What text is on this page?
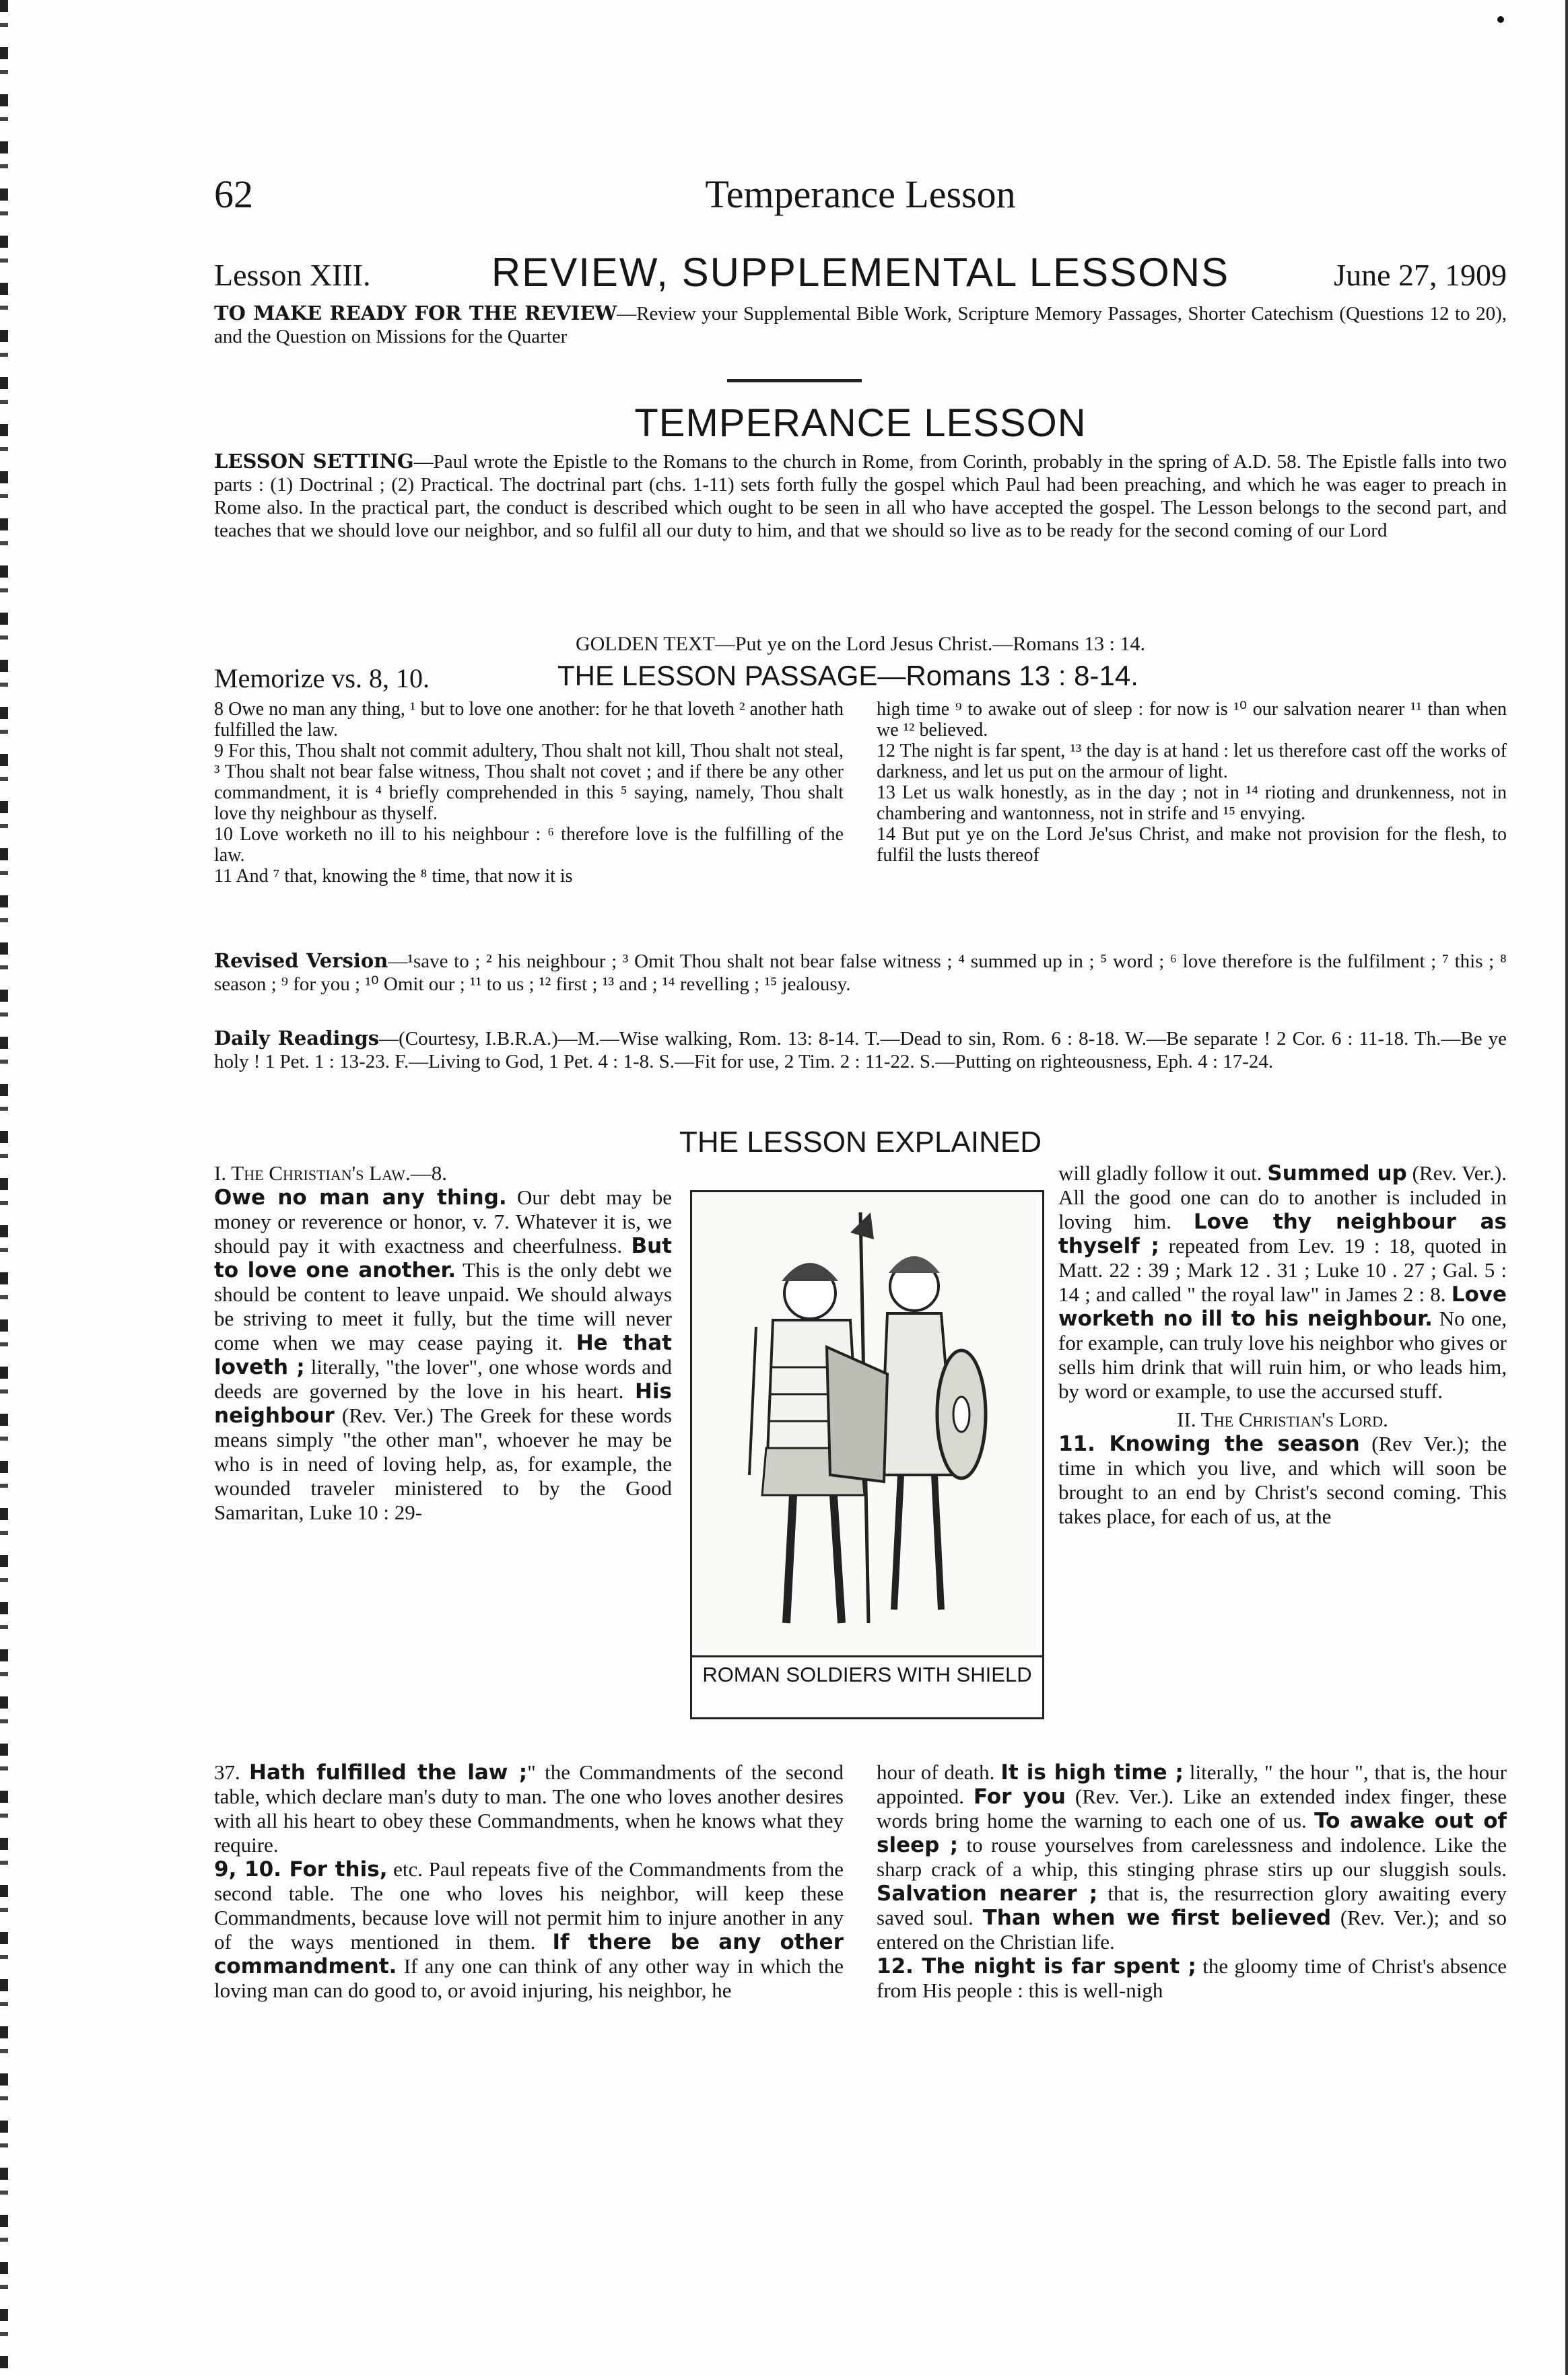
62	Temperance Lesson
Lesson XIII.	REVIEW, SUPPLEMENTAL LESSONS	June 27, 1909
TO MAKE READY FOR THE REVIEW—Review your Supplemental Bible Work, Scripture Memory Passages, Shorter Catechism (Questions 12 to 20), and the Question on Missions for the Quarter
TEMPERANCE LESSON
LESSON SETTING—Paul wrote the Epistle to the Romans to the church in Rome, from Corinth, probably in the spring of A.D. 58. The Epistle falls into two parts : (1) Doctrinal ; (2) Practical. The doctrinal part (chs. 1-11) sets forth fully the gospel which Paul had been preaching, and which he was eager to preach in Rome also. In the practical part, the conduct is described which ought to be seen in all who have accepted the gospel. The Lesson belongs to the second part, and teaches that we should love our neighbor, and so fulfil all our duty to him, and that we should so live as to be ready for the second coming of our Lord
GOLDEN TEXT—Put ye on the Lord Jesus Christ.—Romans 13 : 14.
Memorize vs. 8, 10.	THE LESSON PASSAGE—Romans 13 : 8-14.

8 Owe no man any thing, ¹ but to love one another: for he that loveth ² another hath fulfilled the law.

9 For this, Thou shalt not commit adultery, Thou shalt not kill, Thou shalt not steal, ³ Thou shalt not bear false witness, Thou shalt not covet ; and if there be any other commandment, it is ⁴ briefly comprehended in this ⁵ saying, namely, Thou shalt love thy neighbour as thyself.

10 Love worketh no ill to his neighbour : ⁶ therefore love is the fulfilling of the law.

11 And ⁷ that, knowing the ⁸ time, that now it is

high time ⁹ to awake out of sleep : for now is ¹⁰ our salvation nearer ¹¹ than when we ¹² believed.

12 The night is far spent, ¹³ the day is at hand : let us therefore cast off the works of darkness, and let us put on the armour of light.

13 Let us walk honestly, as in the day ; not in ¹⁴ rioting and drunkenness, not in chambering and wantonness, not in strife and ¹⁵ envying.

14 But put ye on the Lord Je'sus Christ, and make not provision for the flesh, to fulfil the lusts thereof

Revised Version—¹save to ; ² his neighbour ; ³ Omit Thou shalt not bear false witness ; ⁴ summed up in ; ⁵ word ; ⁶ love therefore is the fulfilment ; ⁷ this ; ⁸ season ; ⁹ for you ; ¹⁰ Omit our ; ¹¹ to us ; ¹² first ; ¹³ and ; ¹⁴ revelling ; ¹⁵ jealousy.
Daily Readings—(Courtesy, I.B.R.A.)—M.—Wise walking, Rom. 13: 8-14. T.—Dead to sin, Rom. 6 : 8-18. W.—Be separate ! 2 Cor. 6 : 11-18. Th.—Be ye holy ! 1 Pet. 1 : 13-23. F.—Living to God, 1 Pet. 4 : 1-8. S.—Fit for use, 2 Tim. 2 : 11-22. S.—Putting on righteousness, Eph. 4 : 17-24.
THE LESSON EXPLAINED

I. The Christian's Law.—8.

Owe no man any thing. Our debt may be money or reverence or honor, v. 7. Whatever it is, we should pay it with exactness and cheerfulness. But to love one another. This is the only debt we should be content to leave unpaid. We should always be striving to meet it fully, but the time will never come when we may cease paying it. He that loveth ; literally, "the lover", one whose words and deeds are governed by the love in his heart. His neighbour (Rev. Ver.) The Greek for these words means simply "the other man", whoever he may be who is in need of loving help, as, for example, the wounded traveler ministered to by the Good Samaritan, Luke 10 : 29-

ROMAN SOLDIERS WITH SHIELD

will gladly follow it out. Summed up (Rev. Ver.). All the good one can do to another is included in loving him. Love thy neighbour as thyself ; repeated from Lev. 19 : 18, quoted in Matt. 22 : 39 ; Mark 12 . 31 ; Luke 10 . 27 ; Gal. 5 : 14 ; and called " the royal law" in James 2 : 8. Love worketh no ill to his neighbour. No one, for example, can truly love his neighbor who gives or sells him drink that will ruin him, or who leads him, by word or example, to use the accursed stuff.

II. The Christian's Lord.

11. Knowing the season (Rev Ver.); the time in which you live, and which will soon be brought to an end by Christ's second coming. This takes place, for each of us, at the

37. Hath fulfilled the law ;" the Commandments of the second table, which declare man's duty to man. The one who loves another desires with all his heart to obey these Commandments, when he knows what they require.

9, 10. For this, etc. Paul repeats five of the Commandments from the second table. The one who loves his neighbor, will keep these Commandments, because love will not permit him to injure another in any of the ways mentioned in them. If there be any other commandment. If any one can think of any other way in which the loving man can do good to, or avoid injuring, his neighbor, he

hour of death. It is high time ; literally, " the hour ", that is, the hour appointed. For you (Rev. Ver.). Like an extended index finger, these words bring home the warning to each one of us. To awake out of sleep ; to rouse yourselves from carelessness and indolence. Like the sharp crack of a whip, this stinging phrase stirs up our sluggish souls. Salvation nearer ; that is, the resurrection glory awaiting every saved soul. Than when we first believed (Rev. Ver.); and so entered on the Christian life.

12. The night is far spent ; the gloomy time of Christ's absence from His people : this is well-nigh
